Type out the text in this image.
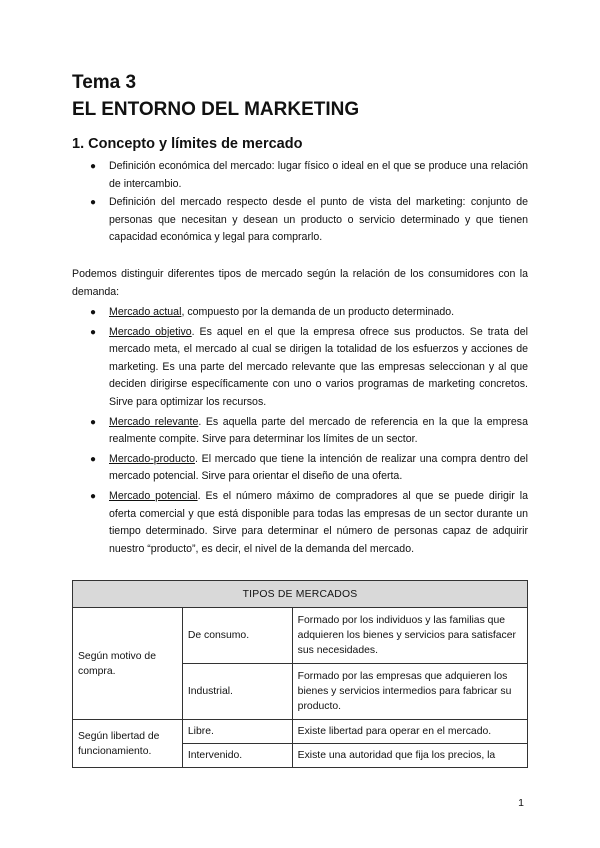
Tema 3
EL ENTORNO DEL MARKETING
1. Concepto y límites de mercado
● Definición económica del mercado: lugar físico o ideal en el que se produce una relación de intercambio.
● Definición del mercado respecto desde el punto de vista del marketing: conjunto de personas que necesitan y desean un producto o servicio determinado y que tienen capacidad económica y legal para comprarlo.
Podemos distinguir diferentes tipos de mercado según la relación de los consumidores con la demanda:
● Mercado actual, compuesto por la demanda de un producto determinado.
● Mercado objetivo. Es aquel en el que la empresa ofrece sus productos. Se trata del mercado meta, el mercado al cual se dirigen la totalidad de los esfuerzos y acciones de marketing. Es una parte del mercado relevante que las empresas seleccionan y al que deciden dirigirse específicamente con uno o varios programas de marketing concretos. Sirve para optimizar los recursos.
● Mercado relevante. Es aquella parte del mercado de referencia en la que la empresa realmente compite. Sirve para determinar los límites de un sector.
● Mercado-producto. El mercado que tiene la intención de realizar una compra dentro del mercado potencial. Sirve para orientar el diseño de una oferta.
● Mercado potencial. Es el número máximo de compradores al que se puede dirigir la oferta comercial y que está disponible para todas las empresas de un sector durante un tiempo determinado. Sirve para determinar el número de personas capaz de adquirir nuestro “producto”, es decir, el nivel de la demanda del mercado.
TIPOS DE MERCADOS		
Según motivo de compra.	De consumo.	Formado por los individuos y las familias que adquieren los bienes y servicios para satisfacer sus necesidades.
	Industrial.	Formado por las empresas que adquieren los bienes y servicios intermedios para fabricar su producto.
Según libertad de funcionamiento.	Libre.	Existe libertad para operar en el mercado.
	Intervenido.	Existe una autoridad que fija los precios, la
1
